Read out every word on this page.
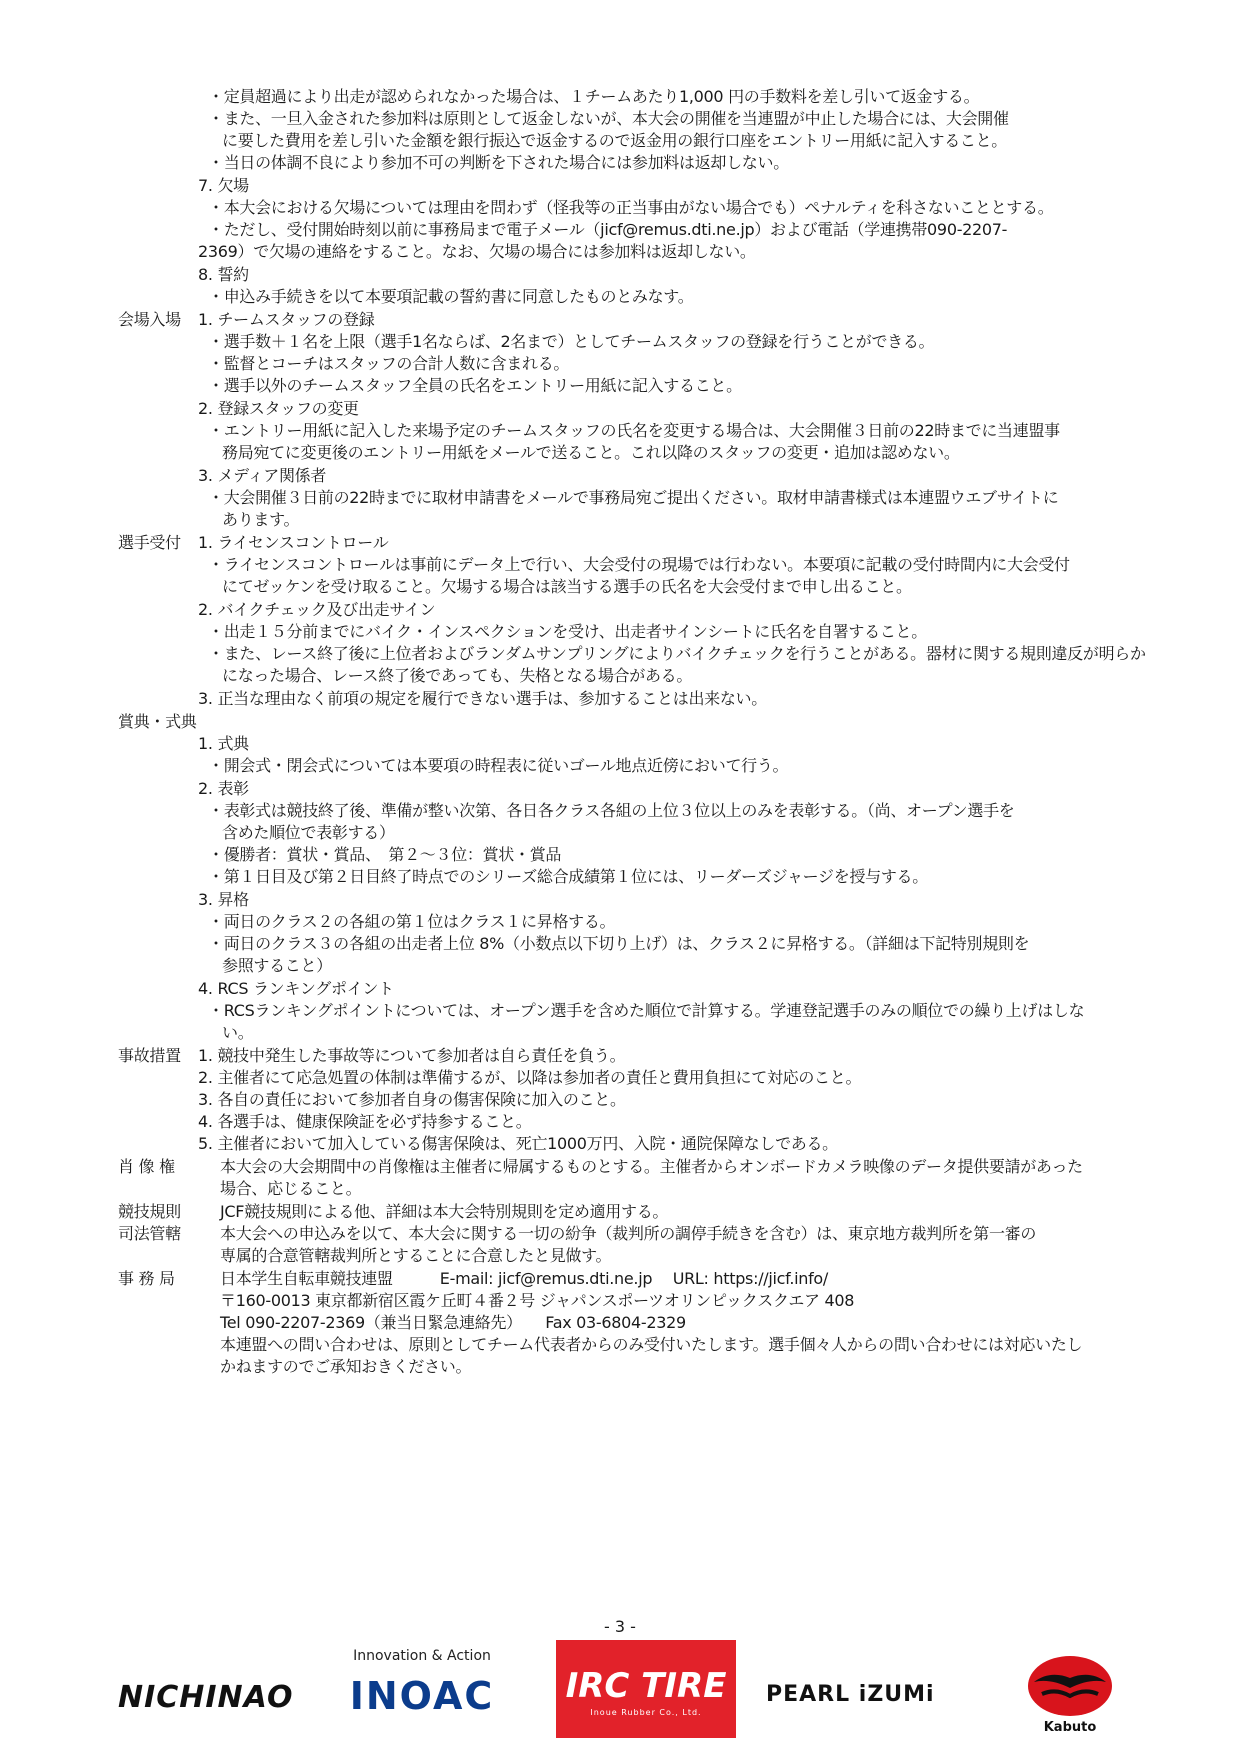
・定員超過により出走が認められなかった場合は、１チームあたり1,000 円の手数料を差し引いて返金する。
・また、一旦入金された参加料は原則として返金しないが、本大会の開催を当連盟が中止した場合には、大会開催
に要した費用を差し引いた金額を銀行振込で返金するので返金用の銀行口座をエントリー用紙に記入すること。
・当日の体調不良により参加不可の判断を下された場合には参加料は返却しない。
7. 欠場
・本大会における欠場については理由を問わず（怪我等の正当事由がない場合でも）ペナルティを科さないこととする。
・ただし、受付開始時刻以前に事務局まで電子メール（jicf@remus.dti.ne.jp）および電話（学連携帯090-2207-
2369）で欠場の連絡をすること。なお、欠場の場合には参加料は返却しない。
8. 誓約
・申込み手続きを以て本要項記載の誓約書に同意したものとみなす。
会場入場 1. チームスタッフの登録
・選手数＋１名を上限（選手1名ならば、2名まで）としてチームスタッフの登録を行うことができる。
・監督とコーチはスタッフの合計人数に含まれる。
・選手以外のチームスタッフ全員の氏名をエントリー用紙に記入すること。
2. 登録スタッフの変更
・エントリー用紙に記入した来場予定のチームスタッフの氏名を変更する場合は、大会開催３日前の22時までに当連盟事
務局宛てに変更後のエントリー用紙をメールで送ること。これ以降のスタッフの変更・追加は認めない。
3. メディア関係者
・大会開催３日前の22時までに取材申請書をメールで事務局宛ご提出ください。取材申請書様式は本連盟ウエブサイトに
あります。
選手受付 1. ライセンスコントロール
・ライセンスコントロールは事前にデータ上で行い、大会受付の現場では行わない。本要項に記載の受付時間内に大会受付
にてゼッケンを受け取ること。欠場する場合は該当する選手の氏名を大会受付まで申し出ること。
2. バイクチェック及び出走サイン
・出走１５分前までにバイク・インスペクションを受け、出走者サインシートに氏名を自署すること。
・また、レース終了後に上位者およびランダムサンプリングによりバイクチェックを行うことがある。器材に関する規則違反が明らか
になった場合、レース終了後であっても、失格となる場合がある。
3. 正当な理由なく前項の規定を履行できない選手は、参加することは出来ない。
賞典・式典
1. 式典
・開会式・閉会式については本要項の時程表に従いゴール地点近傍において行う。
2. 表彰
・表彰式は競技終了後、準備が整い次第、各日各クラス各組の上位３位以上のみを表彰する。（尚、オープン選手を
含めた順位で表彰する）
・優勝者：賞状・賞品、　第２～３位：賞状・賞品
・第１日目及び第２日目終了時点でのシリーズ総合成績第１位には、リーダーズジャージを授与する。
3. 昇格
・両日のクラス２の各組の第１位はクラス１に昇格する。
・両日のクラス３の各組の出走者上位 8%（小数点以下切り上げ）は、クラス２に昇格する。（詳細は下記特別規則を
参照すること）
4. RCS ランキングポイント
・RCSランキングポイントについては、オープン選手を含めた順位で計算する。学連登記選手のみの順位での繰り上げはしな
い。
事故措置 1. 競技中発生した事故等について参加者は自ら責任を負う。
2. 主催者にて応急処置の体制は準備するが、以降は参加者の責任と費用負担にて対応のこと。
3. 各自の責任において参加者自身の傷害保険に加入のこと。
4. 各選手は、健康保険証を必ず持参すること。
5. 主催者において加入している傷害保険は、死亡1000万円、入院・通院保障なしである。
肖 像 権	本大会の大会期間中の肖像権は主催者に帰属するものとする。主催者からオンボードカメラ映像のデータ提供要請があった
場合、応じること。
競技規則 JCF競技規則による他、詳細は本大会特別規則を定め適用する。
司法管轄 本大会への申込みを以て、本大会に関する一切の紛争（裁判所の調停手続きを含む）は、東京地方裁判所を第一審の
専属的合意管轄裁判所とすることに合意したと見做す。
事 務 局	日本学生自転車競技連盟　　　E-mail: jicf@remus.dti.ne.jp　 URL: https://jicf.info/
〒160-0013 東京都新宿区霞ケ丘町４番２号 ジャパンスポーツオリンピックスクエア 408
Tel 090-2207-2369（兼当日緊急連絡先）　　Fax 03-6804-2329
本連盟への問い合わせは、原則としてチーム代表者からのみ受付いたします。選手個々人からの問い合わせには対応いたし
かねますのでご承知おきください。
- 3 -
NICHINAO
Innovation & Action
INOAC	IRC TIRE
Inoue Rubber Co., Ltd.
PEARL iZUMi
Kabuto
